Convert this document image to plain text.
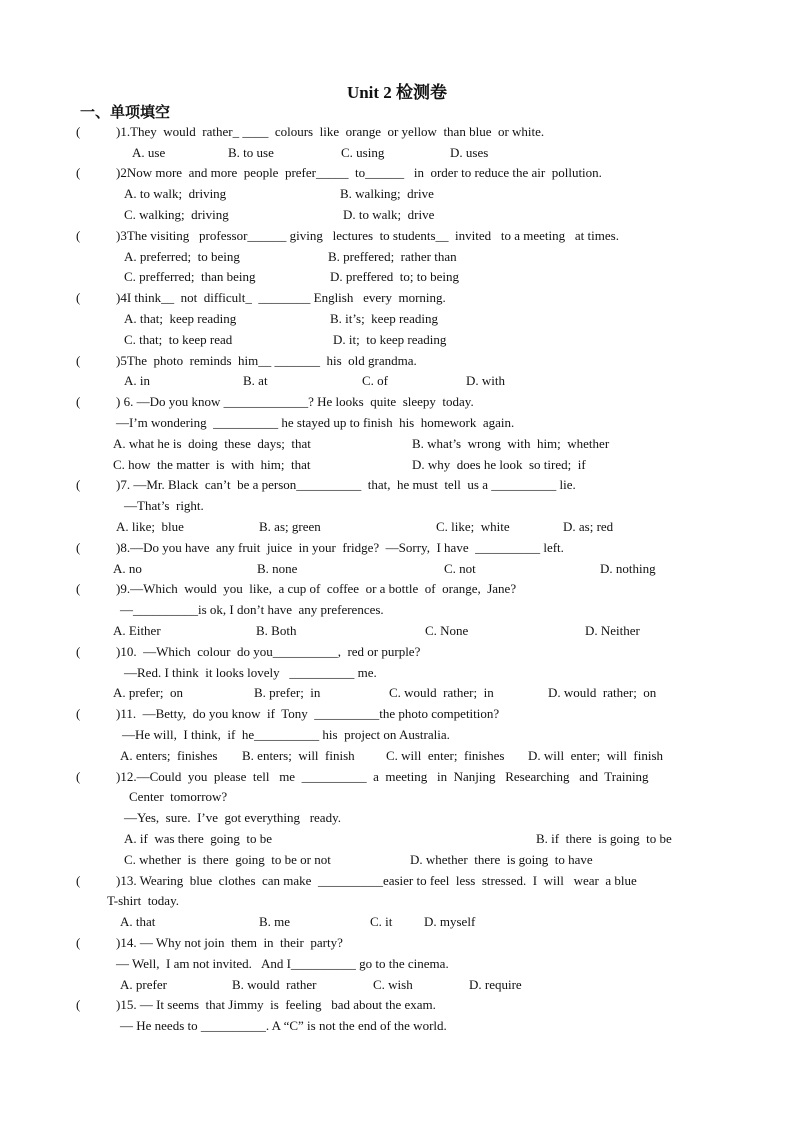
Unit 2 检测卷
一、单项填空
(	)1.They  would  rather_ ____  colours  like  orange  or yellow  than blue  or white.
A. use	B. to use	C. using	D. uses
(	)2Now more  and more  people  prefer_____  to______   in  order to reduce the air  pollution.
A. to walk;  driving	B. walking;  drive
C. walking;  driving	D. to walk;  drive
(	)3The visiting   professor______ giving   lectures  to students__  invited   to a meeting   at times.
A. preferred;  to being	B. preffered;  rather than
C. prefferred;  than being	D. preffered  to; to being
(	)4I think__  not  difficult_  ________ English   every  morning.
A. that;  keep reading	B. it’s;  keep reading
C. that;  to keep read	D. it;  to keep reading
(	)5The  photo  reminds  him__ _______  his  old grandma.
A. in	B. at	C. of	D. with
(	) 6. —Do you know _____________? He looks  quite  sleepy  today.
—I’m wondering  __________ he stayed up to finish  his  homework  again.
A. what he is  doing  these  days;  that	B. what’s  wrong  with  him;  whether
C. how  the matter  is  with  him;  that	D. why  does he look  so tired;  if
(	)7. —Mr. Black  can’t  be a person__________  that,  he must  tell  us a __________ lie.
—That’s  right.
A. like;  blue	B. as; green	C. like;  white	D. as; red
(	)8.—Do you have  any fruit  juice  in your  fridge?  —Sorry,  I have  __________ left.
A. no	B. none	C. not	D. nothing
(	)9.—Which  would  you  like,  a cup of  coffee  or a bottle  of  orange,  Jane?
—__________is ok, I don’t have  any preferences.
A. Either	B. Both	C. None	D. Neither
(	)10.  —Which  colour  do you__________,  red or purple?
—Red. I think  it looks lovely   __________ me.
A. prefer;  on	B. prefer;  in	C. would  rather;  in	D. would  rather;  on
(	)11.  —Betty,  do you know  if  Tony  __________the photo competition?
—He will,  I think,  if  he__________ his  project on Australia.
A. enters;  finishes B. enters;  will  finish C. will  enter;  finishes D. will  enter;  will  finish
(	)12.—Could  you  please  tell   me  __________  a  meeting   in  Nanjing   Researching   and  Training
Center  tomorrow?
—Yes,  sure.  I’ve  got everything   ready.
A. if  was there  going  to be	B. if  there  is going  to be
C. whether  is  there  going  to be or not	D. whether  there  is going  to have
(	)13. Wearing  blue  clothes  can make  __________easier to feel  less  stressed.  I  will   wear  a blue
T-shirt  today.
A. that	B. me	C. it D. myself
(	)14. — Why not join  them  in  their  party?
— Well,  I am not invited.   And I__________ go to the cinema.
A. prefer	B. would  rather	C. wish	D. require
(	)15. — It seems  that Jimmy  is  feeling   bad about the exam.
— He needs to __________. A “C” is not the end of the world.
